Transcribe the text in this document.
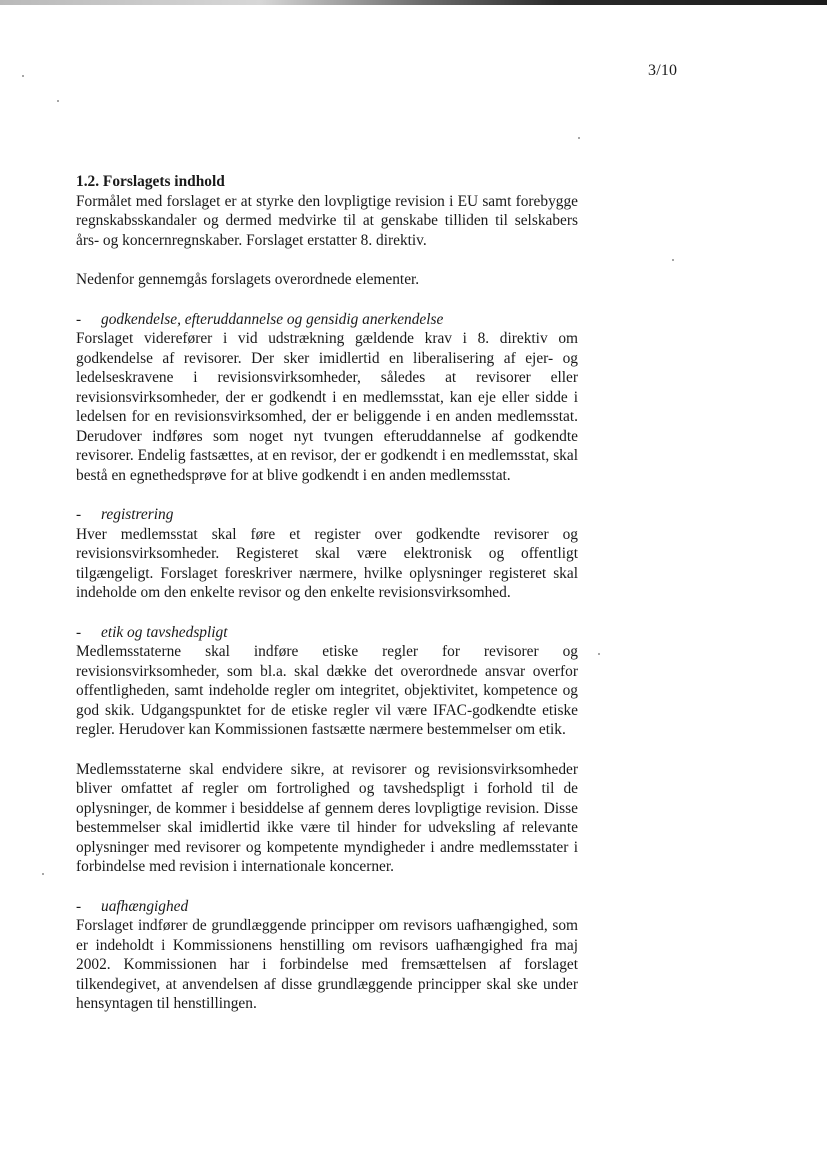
3/10

1.2. Forslagets indhold

Formålet med forslaget er at styrke den lovpligtige revision i EU samt forebygge regnskabsskandaler og dermed medvirke til at genskabe tilliden til selskabers års- og koncernregnskaber. Forslaget erstatter 8. direktiv.

Nedenfor gennemgås forslagets overordnede elementer.

- godkendelse, efteruddannelse og gensidig anerkendelse

Forslaget viderefører i vid udstrækning gældende krav i 8. direktiv om godkendelse af revisorer. Der sker imidlertid en liberalisering af ejer- og ledelseskravene i revisionsvirksomheder, således at revisorer eller revisionsvirksomheder, der er godkendt i en medlemsstat, kan eje eller sidde i ledelsen for en revisionsvirksomhed, der er beliggende i en anden medlemsstat. Derudover indføres som noget nyt tvungen efteruddannelse af godkendte revisorer. Endelig fastsættes, at en revisor, der er godkendt i en medlemsstat, skal bestå en egnethedsprøve for at blive godkendt i en anden medlemsstat.

- registrering

Hver medlemsstat skal føre et register over godkendte revisorer og revisionsvirksomheder. Registeret skal være elektronisk og offentligt tilgængeligt. Forslaget foreskriver nærmere, hvilke oplysninger registeret skal indeholde om den enkelte revisor og den enkelte revisionsvirksomhed.

- etik og tavshedspligt

Medlemsstaterne skal indføre etiske regler for revisorer og revisionsvirksomheder, som bl.a. skal dække det overordnede ansvar overfor offentligheden, samt indeholde regler om integritet, objektivitet, kompetence og god skik. Udgangspunktet for de etiske regler vil være IFAC-godkendte etiske regler. Herudover kan Kommissionen fastsætte nærmere bestemmelser om etik.

Medlemsstaterne skal endvidere sikre, at revisorer og revisionsvirksomheder bliver omfattet af regler om fortrolighed og tavshedspligt i forhold til de oplysninger, de kommer i besiddelse af gennem deres lovpligtige revision. Disse bestemmelser skal imidlertid ikke være til hinder for udveksling af relevante oplysninger med revisorer og kompetente myndigheder i andre medlemsstater i forbindelse med revision i internationale koncerner.

- uafhængighed

Forslaget indfører de grundlæggende principper om revisors uafhængighed, som er indeholdt i Kommissionens henstilling om revisors uafhængighed fra maj 2002. Kommissionen har i forbindelse med fremsættelsen af forslaget tilkendegivet, at anvendelsen af disse grundlæggende principper skal ske under hensyntagen til henstillingen.
